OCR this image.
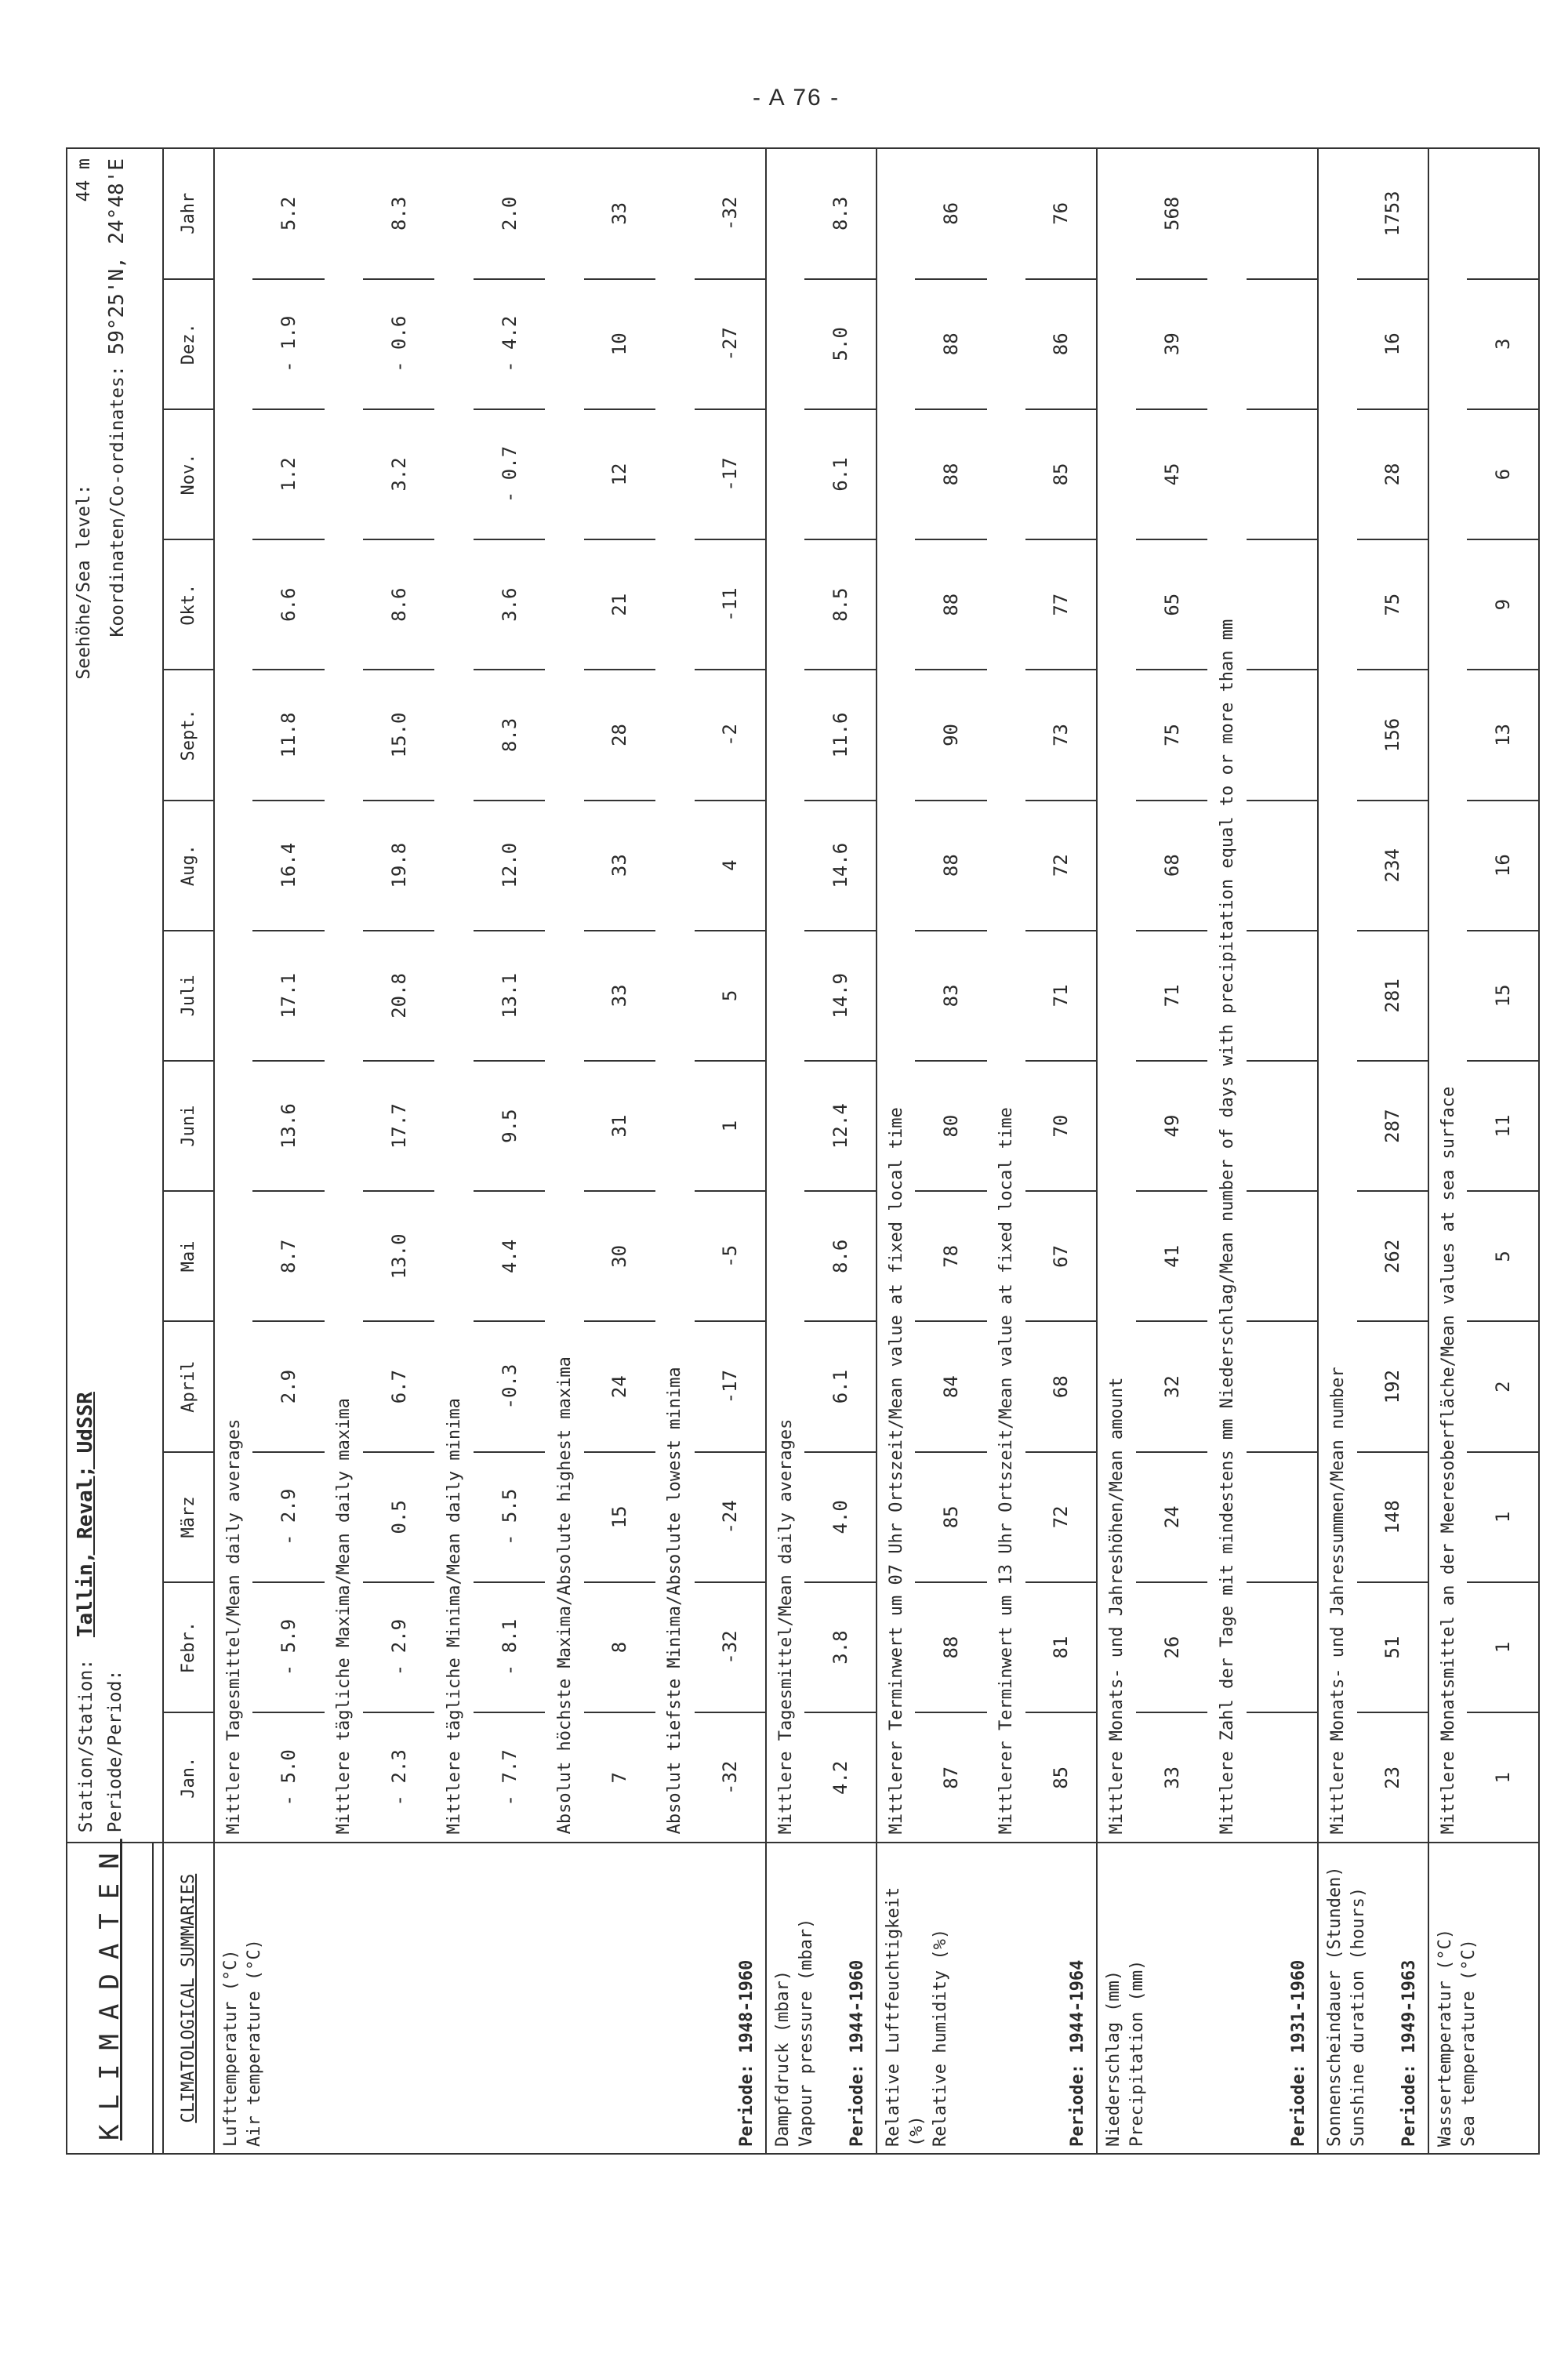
- A 76 -
KLIMADATEN	Station/Station:  Tallin, Reval; UdSSR
Periode/Period:
Seehöhe/Sea level:                          44 m
Koordinaten/Co-ordinates: 59°25'N, 24°48'E												

CLIMATOLOGICAL SUMMARIES	Jan.	Febr.	März	April	Mai	Juni	Juli	Aug.	Sept.	Okt.	Nov.	Dez.	Jahr

Lufttemperatur (°C) Air temperature (°C) Periode: 1948-1960	Mittlere Tagesmittel/Mean daily averages												
	- 5.0	- 5.9	- 2.9	2.9	8.7	13.6	17.1	16.4	11.8	6.6	1.2	- 1.9	5.2
	Mittlere tägliche Maxima/Mean daily maxima												
	- 2.3	- 2.9	0.5	6.7	13.0	17.7	20.8	19.8	15.0	8.6	3.2	- 0.6	8.3
	Mittlere tägliche Minima/Mean daily minima												
	- 7.7	- 8.1	- 5.5	-0.3	4.4	9.5	13.1	12.0	8.3	3.6	- 0.7	- 4.2	2.0
	Absolut höchste Maxima/Absolute highest maxima												
	7	8	15	24	30	31	33	33	28	21	12	10	33
	Absolut tiefste Minima/Absolute lowest minima												
	-32	-32	-24	-17	-5	1	5	4	-2	-11	-17	-27	-32

Dampfdruck (mbar) Vapour pressure (mbar) Periode: 1944-1960	Mittlere Tagesmittel/Mean daily averages												
	4.2	3.8	4.0	6.1	8.6	12.4	14.9	14.6	11.6	8.5	6.1	5.0	8.3

Relative Luftfeuchtigkeit (%) Relative humidity (%) Periode: 1944-1964	Mittlerer Terminwert um 07 Uhr Ortszeit/Mean value at fixed local time												
	87	88	85	84	78	80	83	88	90	88	88	88	86
	Mittlerer Terminwert um 13 Uhr Ortszeit/Mean value at fixed local time												
	85	81	72	68	67	70	71	72	73	77	85	86	76

Niederschlag (mm) Precipitation (mm) Periode: 1931-1960	Mittlere Monats- und Jahreshöhen/Mean amount												
	33	26	24	32	41	49	71	68	75	65	45	39	568
	Mittlere Zahl der Tage mit mindestens mm Niederschlag/Mean number of days with precipitation equal to or more than mm												

Sonnenscheindauer (Stunden) Sunshine duration (hours) Periode: 1949-1963	Mittlere Monats- und Jahressummen/Mean number												
	23	51	148	192	262	287	281	234	156	75	28	16	1753

Wassertemperatur (°C) Sea temperature (°C)	Mittlere Monatsmittel an der Meeresoberfläche/Mean values at sea surface												
	1	1	1	2	5	11	15	16	13	9	6	3	
